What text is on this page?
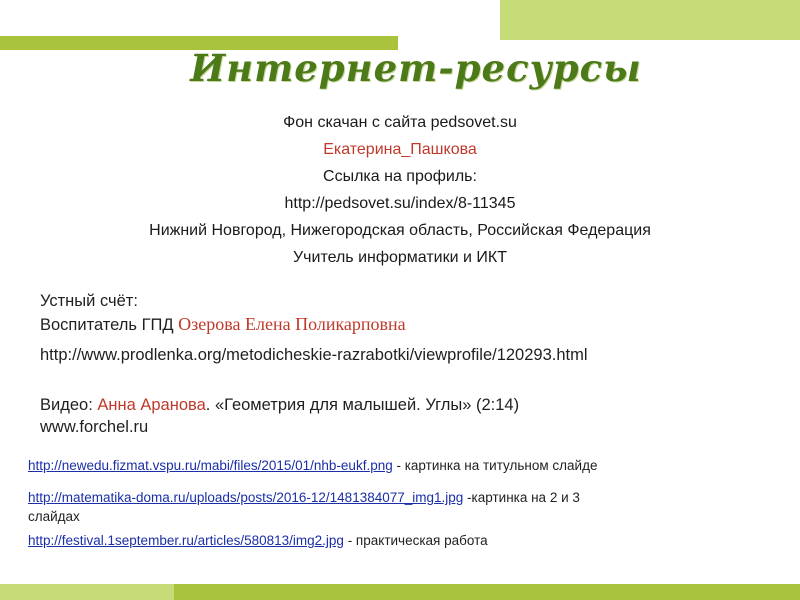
Интернет-ресурсы
Фон скачан с сайта pedsovet.su
Екатерина_Пашкова
Ссылка на профиль:
http://pedsovet.su/index/8-11345
Нижний Новгород, Нижегородская область, Российская Федерация
Учитель информатики и ИКТ
Устный счёт:
Воспитатель ГПД Озерова Елена Поликарповна
http://www.prodlenka.org/metodicheskie-razrabotki/viewprofile/120293.html
Видео: Анна Аранова. «Геометрия для малышей. Углы» (2:14)
www.forchel.ru
http://newedu.fizmat.vspu.ru/mabi/files/2015/01/nhb-eukf.png - картинка на титульном слайде
http://matematika-doma.ru/uploads/posts/2016-12/1481384077_img1.jpg -картинка на 2 и 3
слайдах
http://festival.1september.ru/articles/580813/img2.jpg - практическая работа
